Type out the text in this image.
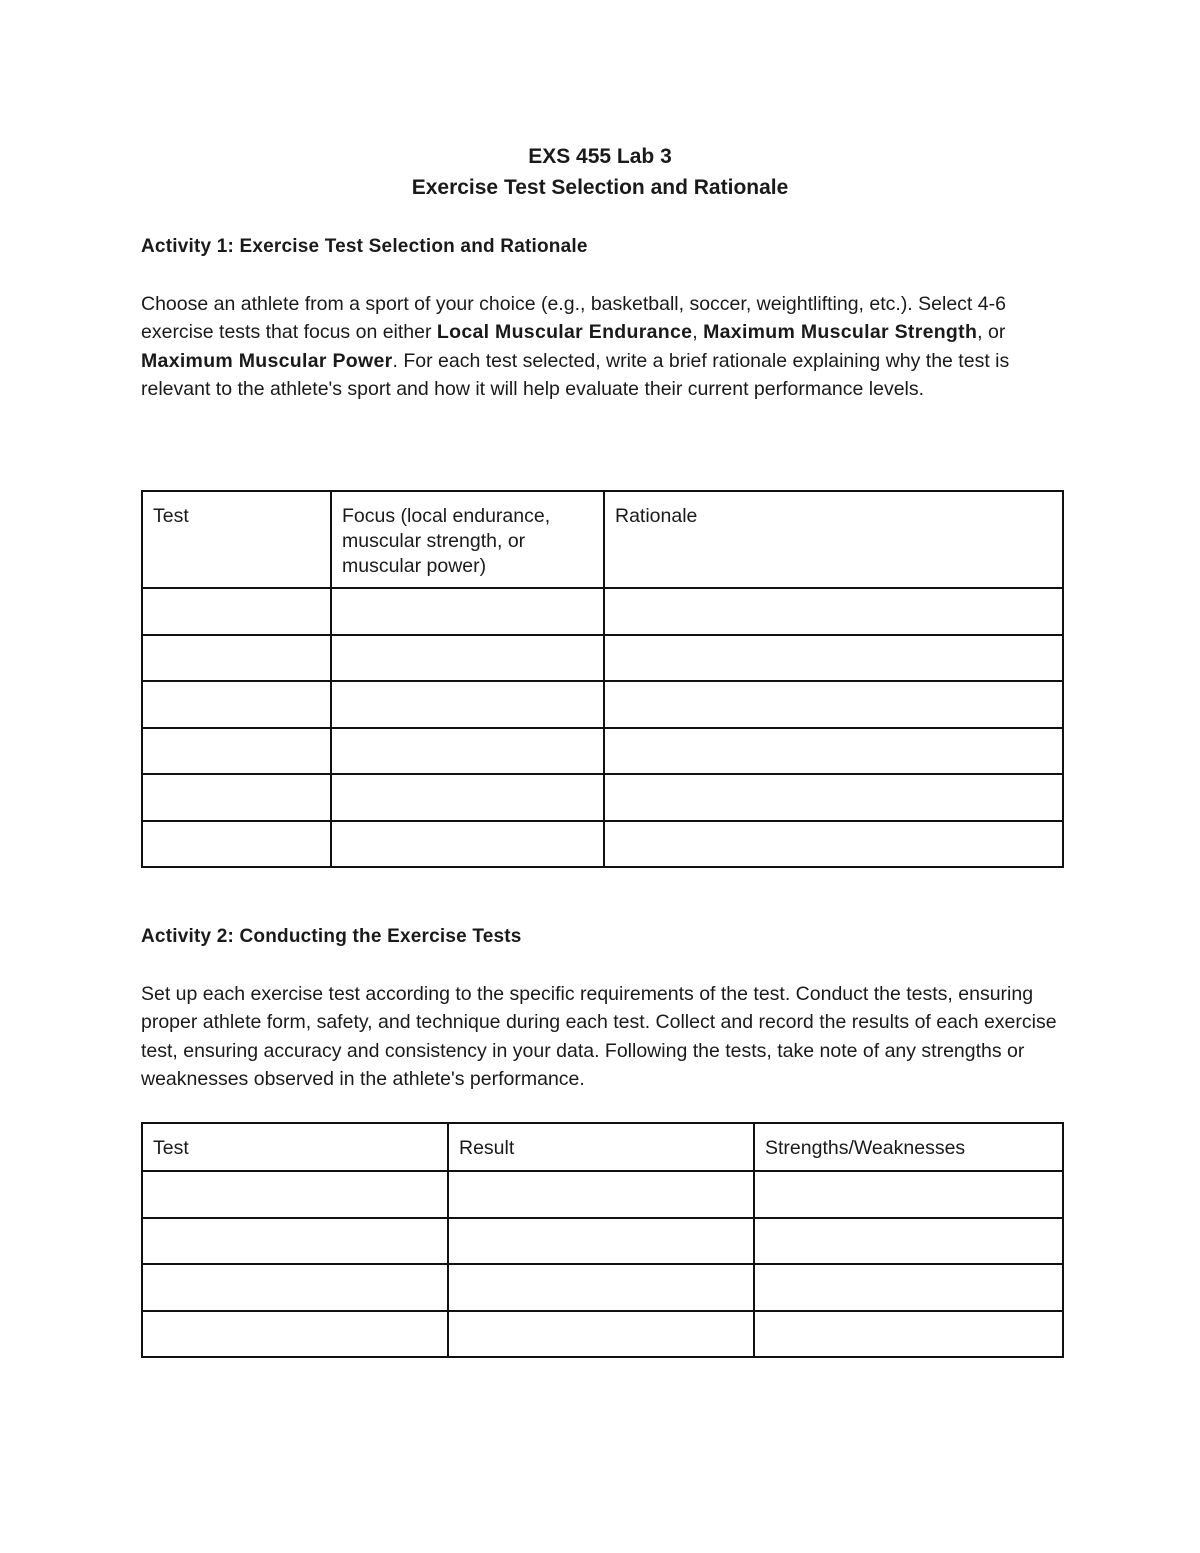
EXS 455 Lab 3
Exercise Test Selection and Rationale
Activity 1: Exercise Test Selection and Rationale

Choose an athlete from a sport of your choice (e.g., basketball, soccer, weightlifting, etc.). Select 4-6 exercise tests that focus on either Local Muscular Endurance, Maximum Muscular Strength, or Maximum Muscular Power. For each test selected, write a brief rationale explaining why the test is relevant to the athlete's sport and how it will help evaluate their current performance levels.

Test	Focus (local endurance, muscular strength, or muscular power)	Rationale

Activity 2: Conducting the Exercise Tests

Set up each exercise test according to the specific requirements of the test. Conduct the tests, ensuring proper athlete form, safety, and technique during each test. Collect and record the results of each exercise test, ensuring accuracy and consistency in your data. Following the tests, take note of any strengths or weaknesses observed in the athlete's performance.

Test	Result	Strengths/Weaknesses
